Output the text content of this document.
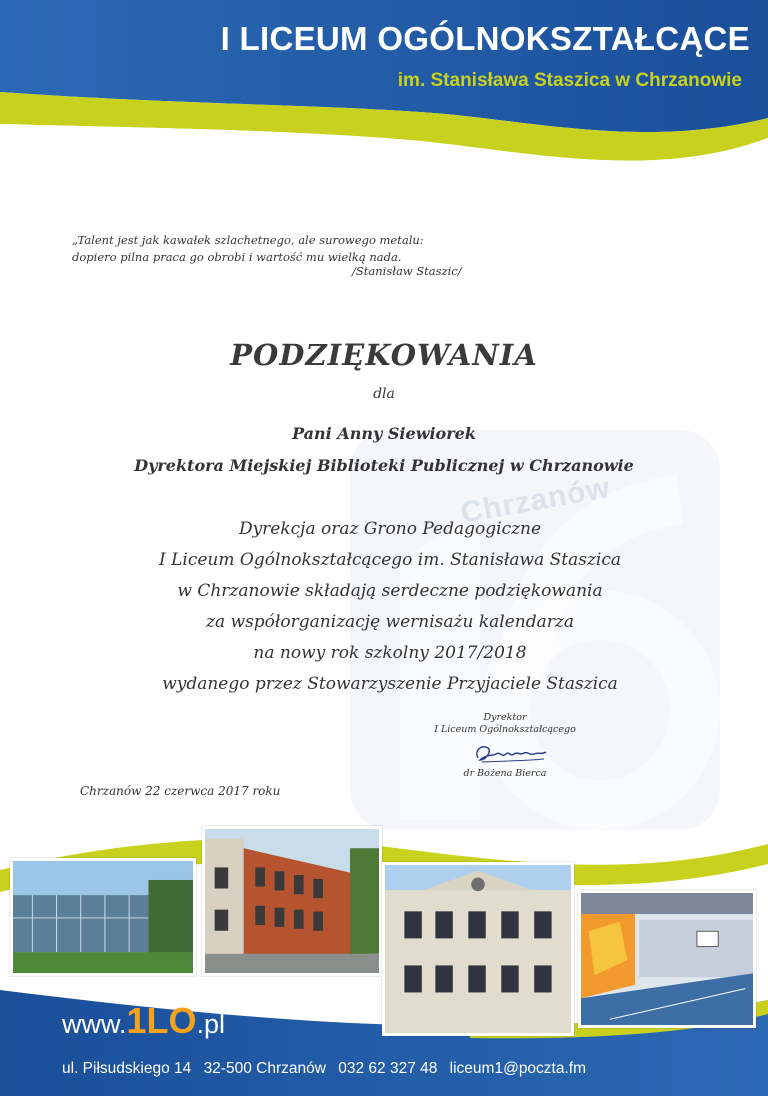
I LICEUM OGÓLNOKSZTAŁCĄCE
im. Stanisława Staszica w Chrzanowie
Chrzanów
„Talent jest jak kawałek szlachetnego, ale surowego metalu:
dopiero pilna praca go obrobi i wartość mu wielką nada.
/Stanisław Staszic/
PODZIĘKOWANIA
dla
Pani Anny Siewiorek
Dyrektora Miejskiej Biblioteki Publicznej w Chrzanowie
Dyrekcja oraz Grono Pedagogiczne
I Liceum Ogólnokształcącego im. Stanisława Staszica
w Chrzanowie składają serdeczne podziękowania
za współorganizację wernisażu kalendarza
na nowy rok szkolny 2017/2018
wydanego przez Stowarzyszenie Przyjaciele Staszica
Dyrektor
I Liceum Ogólnokształcącego
dr Bożena Bierca
Chrzanów 22 czerwca 2017 roku
www.1LO.pl
ul. Piłsudskiego 14 32-500 Chrzanów 032 62 327 48 liceum1@poczta.fm
